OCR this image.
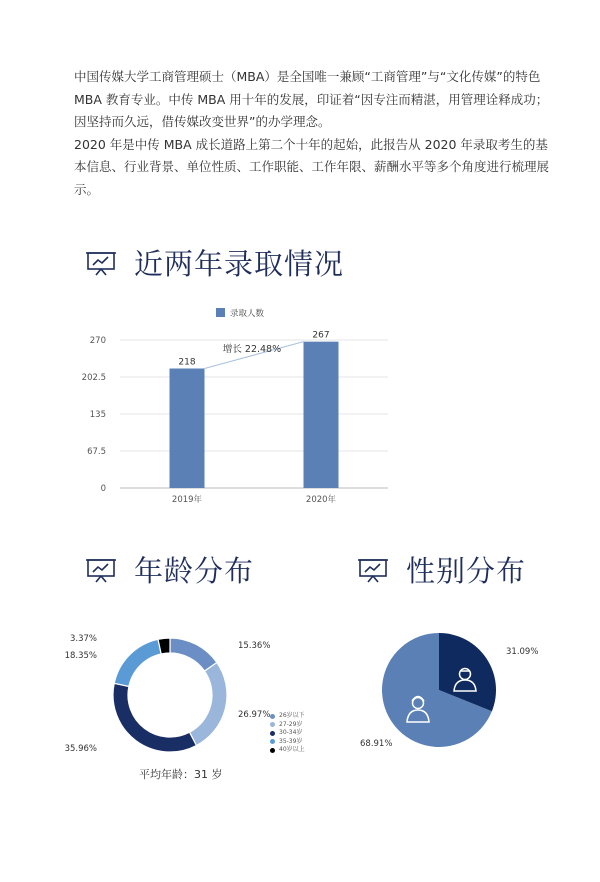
中国传媒大学工商管理硕士（MBA）是全国唯一兼顾“工商管理”与“文化传媒”的特色 MBA 教育专业。中传 MBA 用十年的发展，印证着“因专注而精湛，用管理诠释成功；因坚持而久远，借传媒改变世界”的办学理念。

2020 年是中传 MBA 成长道路上第二个十年的起始，此报告从 2020 年录取考生的基本信息、行业背景、单位性质、工作职能、工作年限、薪酬水平等多个角度进行梳理展示。

近两年录取情况
录取人数
0
67.5
135
202.5
270
218
2019年
267
2020年
增长 22.48%
年龄分布	性别分布
15.36%
26.97%
35.96%
18.35%
3.37%
26岁以下
27-29岁
30-34岁
35-39岁
40岁以上
平均年龄：31 岁
68.91%
31.09%
